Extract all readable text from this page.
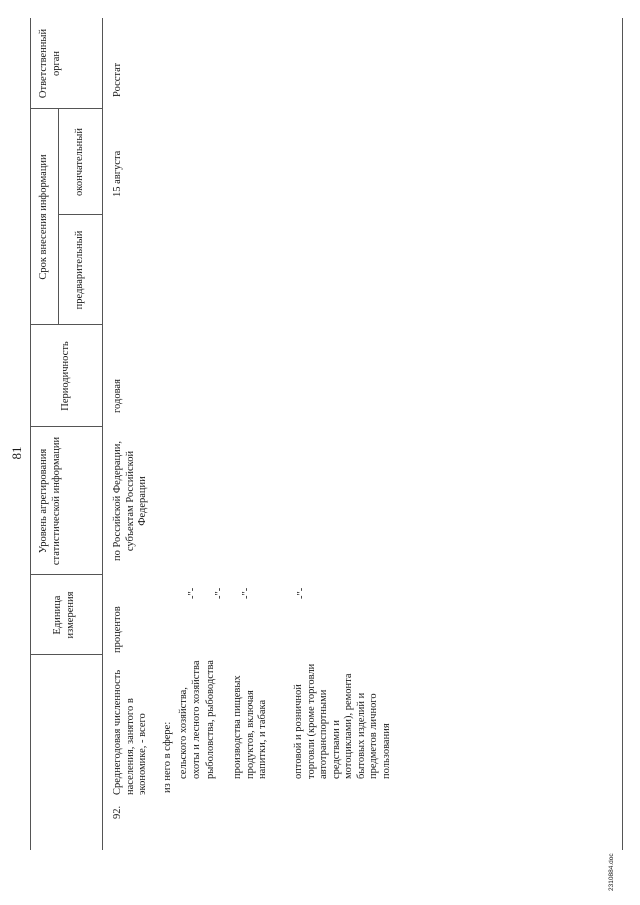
81
Единица измерения
Уровень агрегирования статистической информации
Периодичность
Срок внесения информации предварительный
окончательный
Ответственный орган
92.
Среднегодовая численность населения, занятого в экономике, - всего из него в сфере: сельского хозяйства, охоты и лесного хозяйства рыболовства, рыбоводства производства пищевых продуктов, включая напитки, и табака оптовой и розничной торговли (кроме торговли автотранспортными средствами и мотоциклами), ремонта бытовых изделий и предметов личного пользования
процентов
-"- -"- -"-	-"-
по Российской Федерации, субъектам Российской Федерации
годовая
15 августа
Росстат
2310884.doc
